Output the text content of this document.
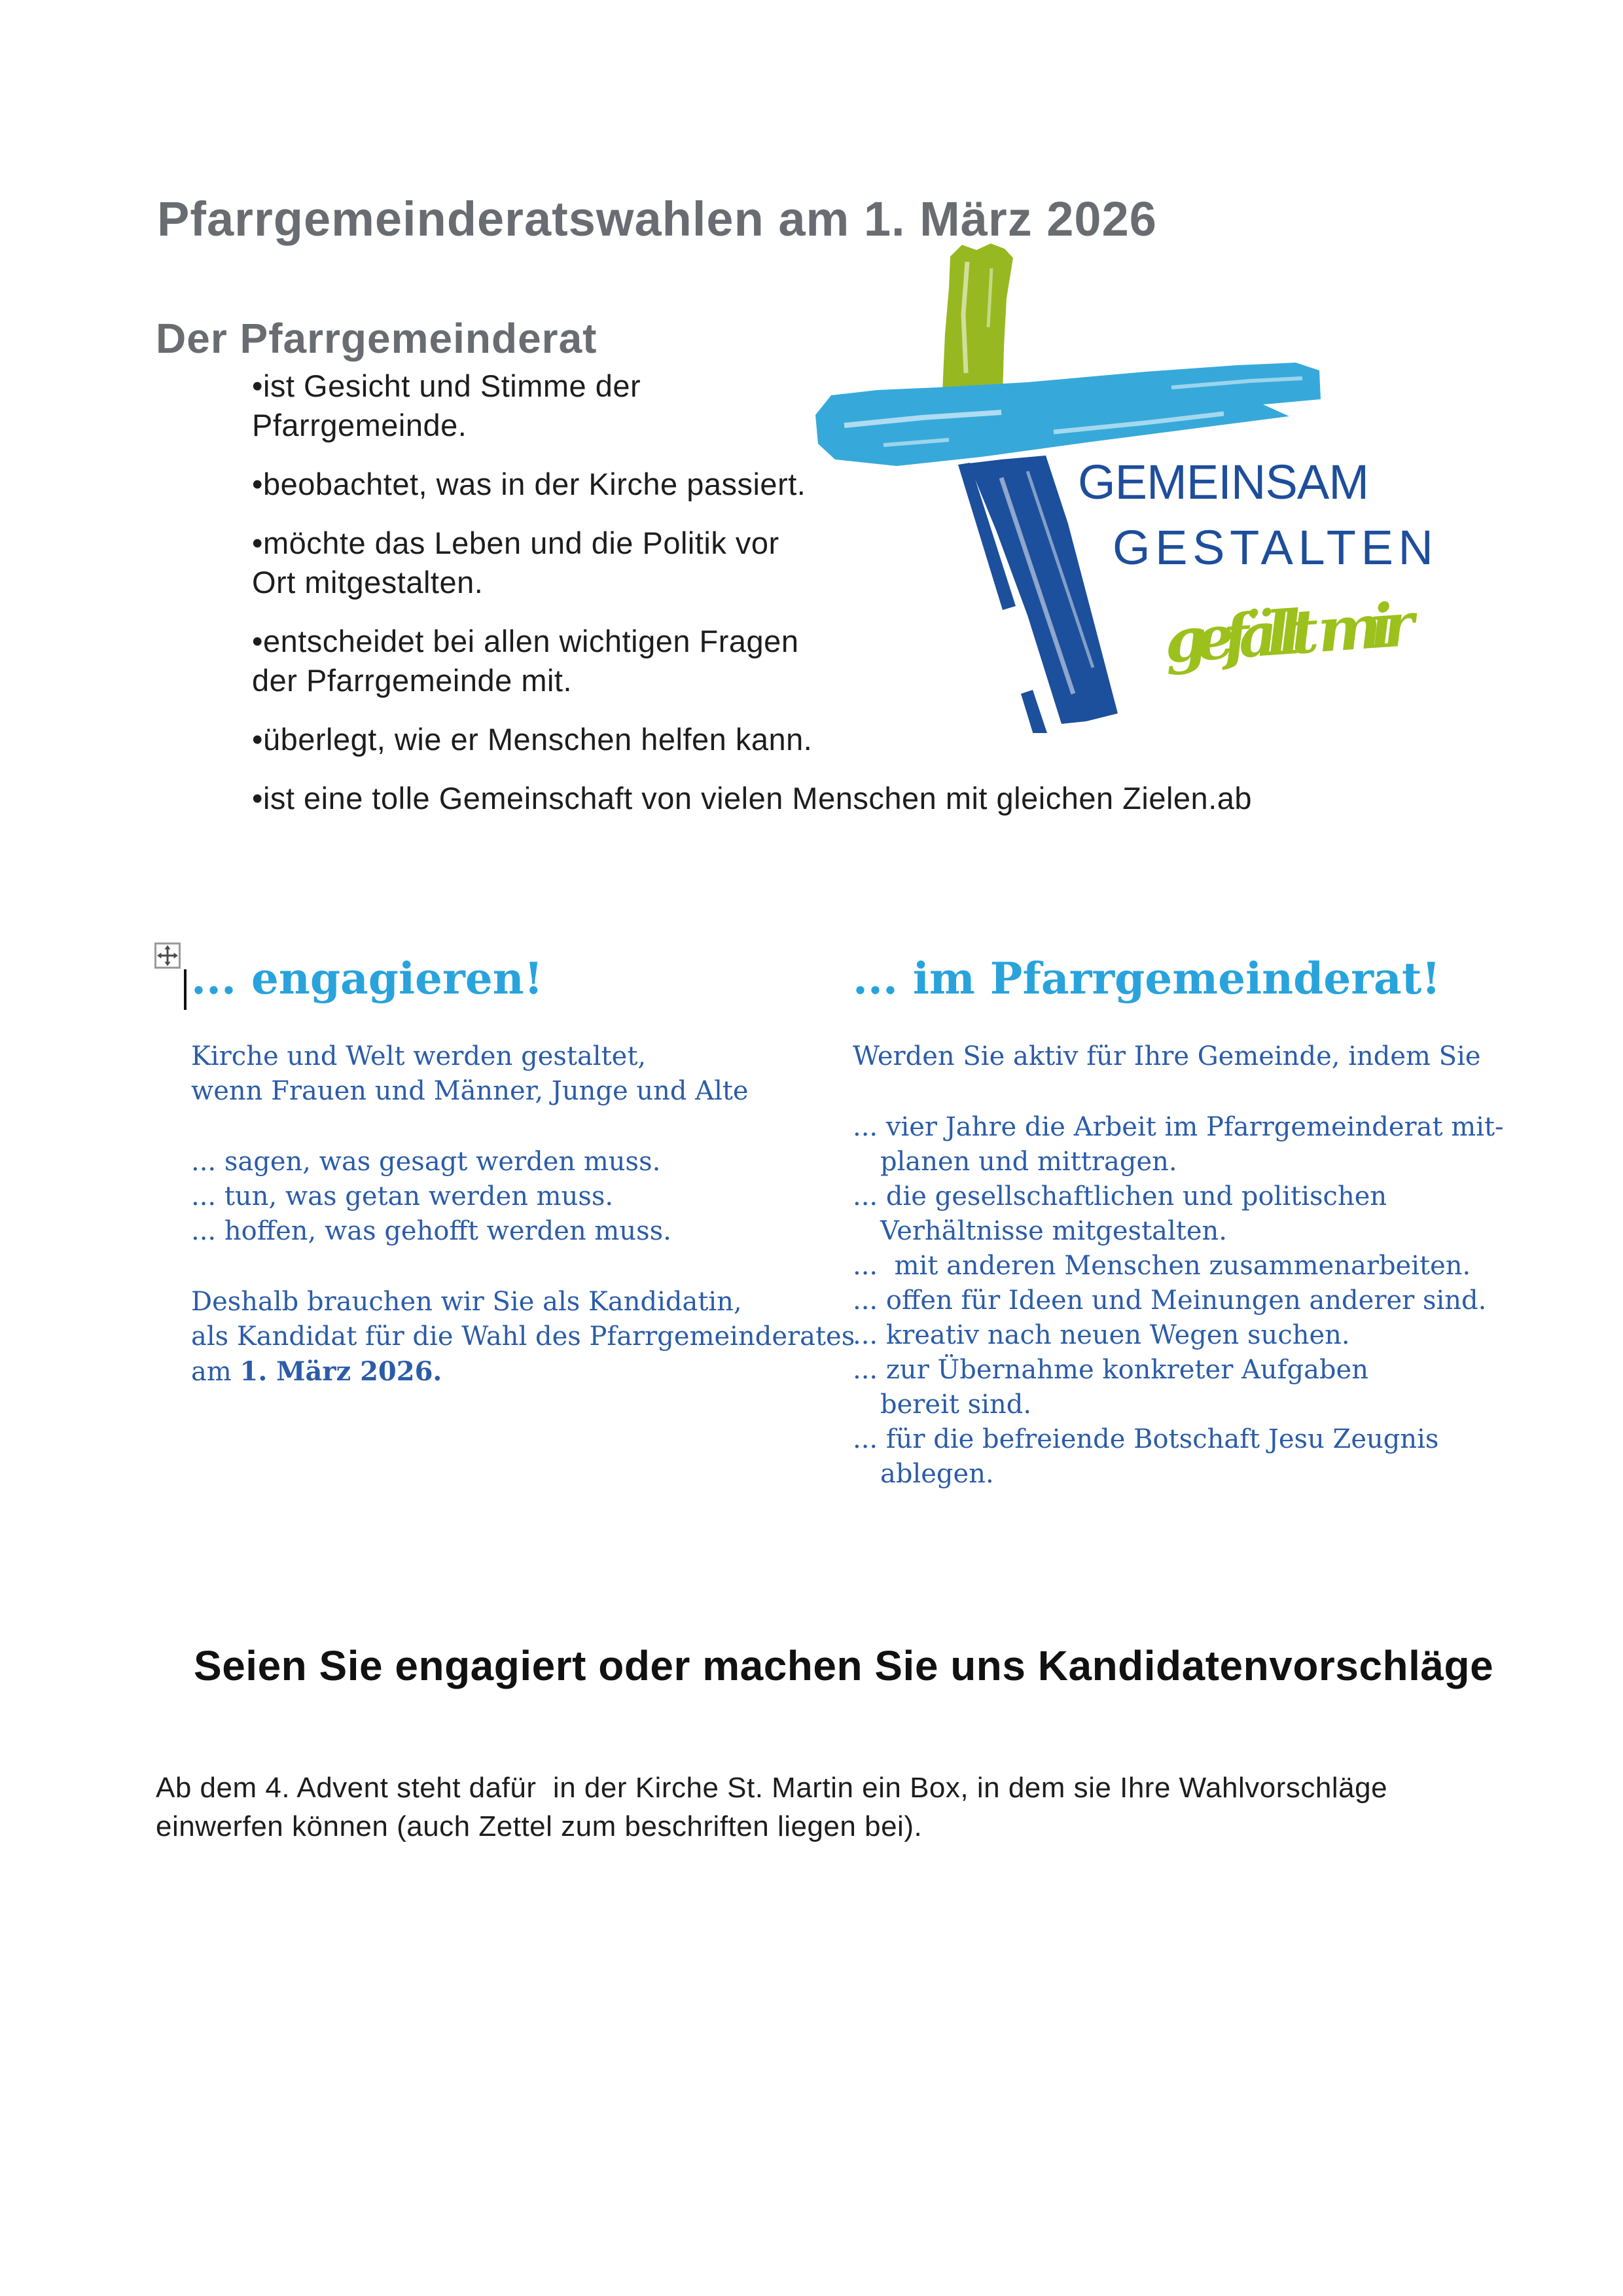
Pfarrgemeinderatswahlen am 1. März 2026
Der Pfarrgemeinderat
•ist Gesicht und Stimme der
Pfarrgemeinde.
•beobachtet, was in der Kirche passiert.
•möchte das Leben und die Politik vor
Ort mitgestalten.
•entscheidet bei allen wichtigen Fragen
der Pfarrgemeinde mit.
•überlegt, wie er Menschen helfen kann.
•ist eine tolle Gemeinschaft von vielen Menschen mit gleichen Zielen.ab
GEMEINSAM
GESTALTEN
gefällt mir
... engagieren!
Kirche und Welt werden gestaltet,
wenn Frauen und Männer, Junge und Alte
... sagen, was gesagt werden muss.
... tun, was getan werden muss.
... hoffen, was gehofft werden muss.
Deshalb brauchen wir Sie als Kandidatin,
als Kandidat für die Wahl des Pfarrgemeinderates
am 1. März 2026.
... im Pfarrgemeinderat!
Werden Sie aktiv für Ihre Gemeinde, indem Sie
... vier Jahre die Arbeit im Pfarrgemeinderat mit-
planen und mittragen.
... die gesellschaftlichen und politischen
Verhältnisse mitgestalten.
...  mit anderen Menschen zusammenarbeiten.
... offen für Ideen und Meinungen anderer sind.
... kreativ nach neuen Wegen suchen.
... zur Übernahme konkreter Aufgaben
bereit sind.
... für die befreiende Botschaft Jesu Zeugnis
ablegen.
Seien Sie engagiert oder machen Sie uns Kandidatenvorschläge
Ab dem 4. Advent steht dafür  in der Kirche St. Martin ein Box, in dem sie Ihre Wahlvorschläge
einwerfen können (auch Zettel zum beschriften liegen bei).
